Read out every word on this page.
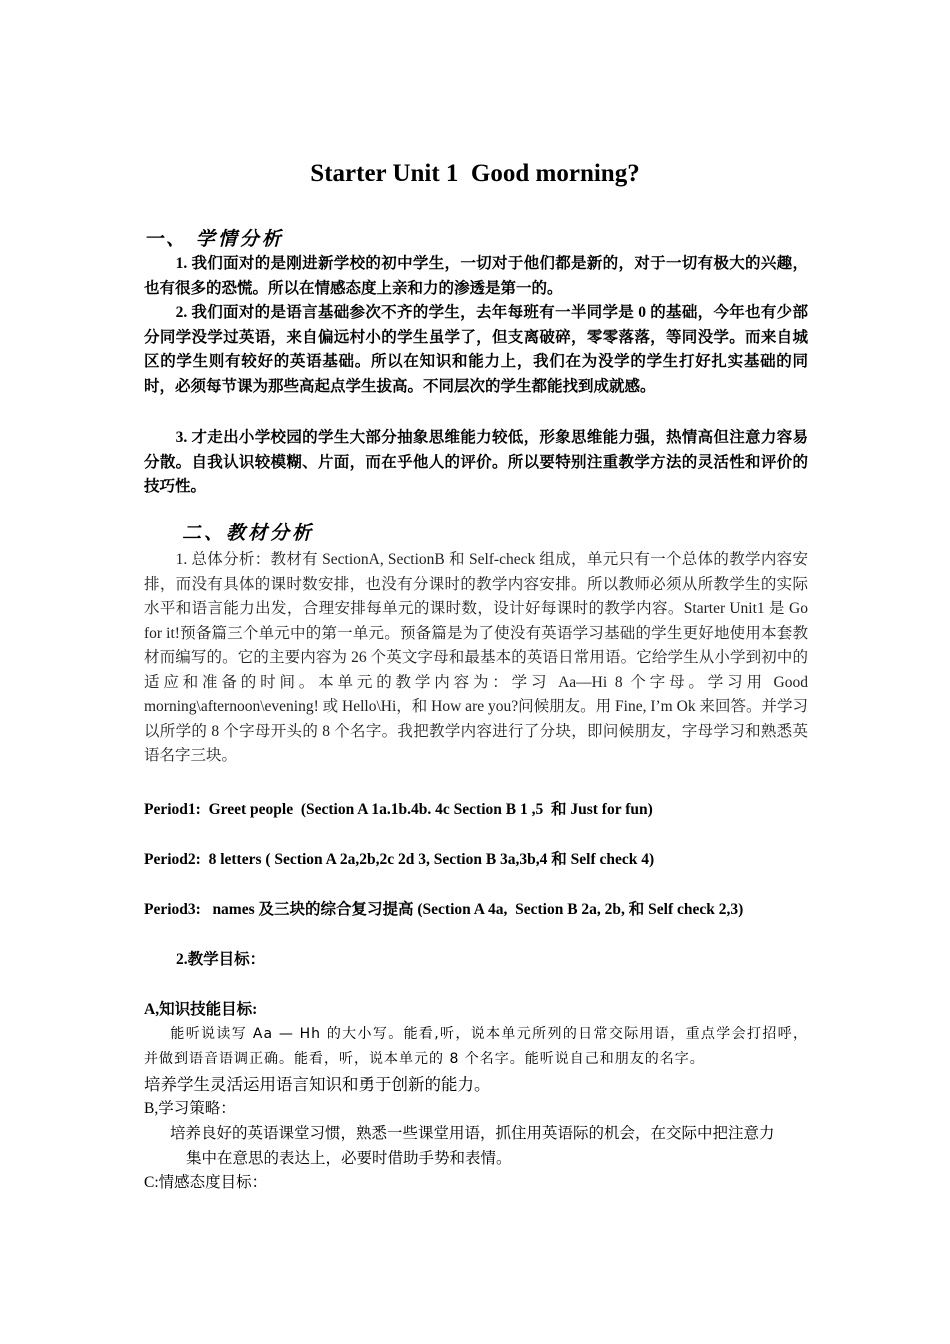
Starter Unit 1  Good morning?
一、 学情分析
　　1. 我们面对的是刚进新学校的初中学生，一切对于他们都是新的，对于一切有极大的兴趣，也有很多的恐慌。所以在情感态度上亲和力的渗透是第一的。
　　2. 我们面对的是语言基础参次不齐的学生，去年每班有一半同学是 0 的基础，今年也有少部分同学没学过英语，来自偏远村小的学生虽学了，但支离破碎，零零落落，等同没学。而来自城区的学生则有较好的英语基础。所以在知识和能力上，我们在为没学的学生打好扎实基础的同时，必须每节课为那些高起点学生拔高。不同层次的学生都能找到成就感。
　　3. 才走出小学校园的学生大部分抽象思维能力较低，形象思维能力强，热情高但注意力容易分散。自我认识较模糊、片面，而在乎他人的评价。所以要特别注重教学方法的灵活性和评价的技巧性。
二、教材分析
　　1. 总体分析：教材有 SectionA, SectionB 和 Self-check 组成，单元只有一个总体的教学内容安排，而没有具体的课时数安排，也没有分课时的教学内容安排。所以教师必须从所教学生的实际水平和语言能力出发，合理安排每单元的课时数，设计好每课时的教学内容。Starter Unit1 是 Go for it!预备篇三个单元中的第一单元。预备篇是为了使没有英语学习基础的学生更好地使用本套教材而编写的。它的主要内容为 26 个英文字母和最基本的英语日常用语。它给学生从小学到初中的适应和准备的时间。本单元的教学内容为：学习 Aa—Hi 8 个字母。学习用 Good morning\afternoon\evening! 或 Hello\Hi，和 How are you?问候朋友。用 Fine, I’m Ok 来回答。并学习以所学的 8 个字母开头的 8 个名字。我把教学内容进行了分块，即问候朋友，字母学习和熟悉英语名字三块。
Period1:  Greet people  (Section A 1a.1b.4b. 4c Section B 1 ,5  和 Just for fun)
Period2:  8 letters ( Section A 2a,2b,2c 2d 3, Section B 3a,3b,4 和 Self check 4)
Period3:   names 及三块的综合复习提高 (Section A 4a,  Section B 2a, 2b, 和 Self check 2,3)
2.教学目标：
A,知识技能目标:
能听说读写 Aa — Hh 的大小写。能看,听，说本单元所列的日常交际用语，重点学会打招呼，并做到语音语调正确。能看，听，说本单元的 8 个名字。能听说自己和朋友的名字。
培养学生灵活运用语言知识和勇于创新的能力。
B,学习策略：
培养良好的英语课堂习惯，熟悉一些课堂用语，抓住用英语际的机会，在交际中把注意力
集中在意思的表达上，必要时借助手势和表情。
C:情感态度目标：
